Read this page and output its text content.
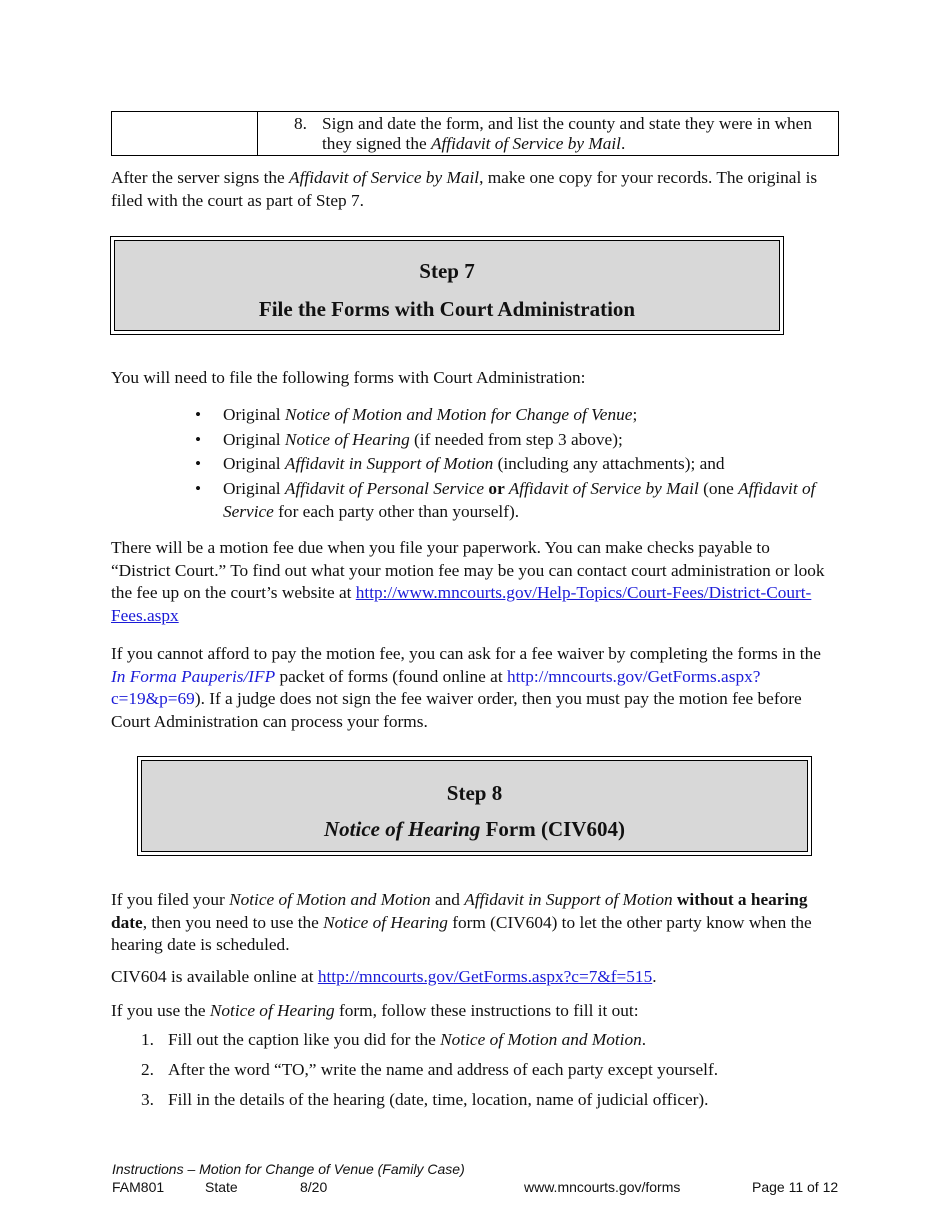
8. Sign and date the form, and list the county and state they were in when they signed the Affidavit of Service by Mail.

After the server signs the Affidavit of Service by Mail, make one copy for your records. The original is filed with the court as part of Step 7.

Step 7
File the Forms with Court Administration

You will need to file the following forms with Court Administration:

• Original Notice of Motion and Motion for Change of Venue;
• Original Notice of Hearing (if needed from step 3 above);
• Original Affidavit in Support of Motion (including any attachments); and
• Original Affidavit of Personal Service or Affidavit of Service by Mail (one Affidavit of Service for each party other than yourself).

There will be a motion fee due when you file your paperwork. You can make checks payable to “District Court.” To find out what your motion fee may be you can contact court administration or look the fee up on the court’s website at http://www.mncourts.gov/Help-Topics/Court-Fees/District-Court-Fees.aspx

If you cannot afford to pay the motion fee, you can ask for a fee waiver by completing the forms in the In Forma Pauperis/IFP packet of forms (found online at http://mncourts.gov/GetForms.aspx?c=19&p=69). If a judge does not sign the fee waiver order, then you must pay the motion fee before Court Administration can process your forms.

Step 8
Notice of Hearing Form (CIV604)

If you filed your Notice of Motion and Motion and Affidavit in Support of Motion without a hearing date, then you need to use the Notice of Hearing form (CIV604) to let the other party know when the hearing date is scheduled.

CIV604 is available online at http://mncourts.gov/GetForms.aspx?c=7&f=515.

If you use the Notice of Hearing form, follow these instructions to fill it out:

1. Fill out the caption like you did for the Notice of Motion and Motion.
2. After the word “TO,” write the name and address of each party except yourself.
3. Fill in the details of the hearing (date, time, location, name of judicial officer).
Instructions – Motion for Change of Venue (Family Case)
FAM801	State	8/20	www.mncourts.gov/forms	Page 11 of 12
